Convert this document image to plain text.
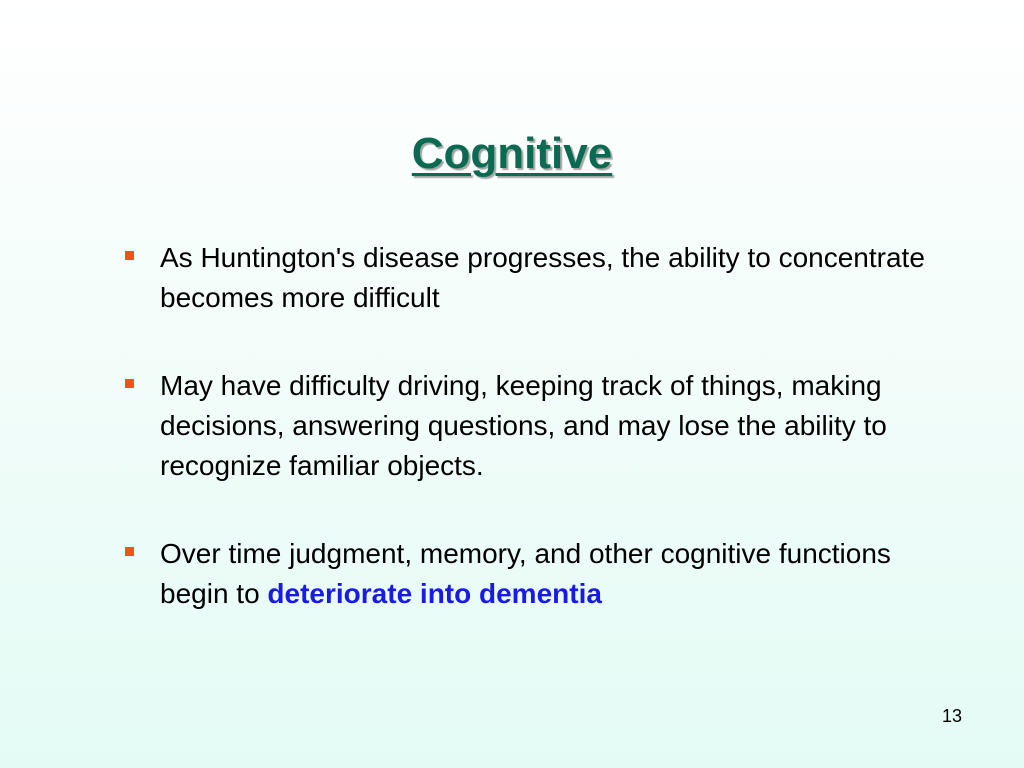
Cognitive
As Huntington's disease progresses, the ability to concentrate becomes more difficult
May have difficulty driving, keeping track of things, making decisions, answering questions, and may lose the ability to recognize familiar objects.
Over time judgment, memory, and other cognitive functions begin to deteriorate into dementia
13
